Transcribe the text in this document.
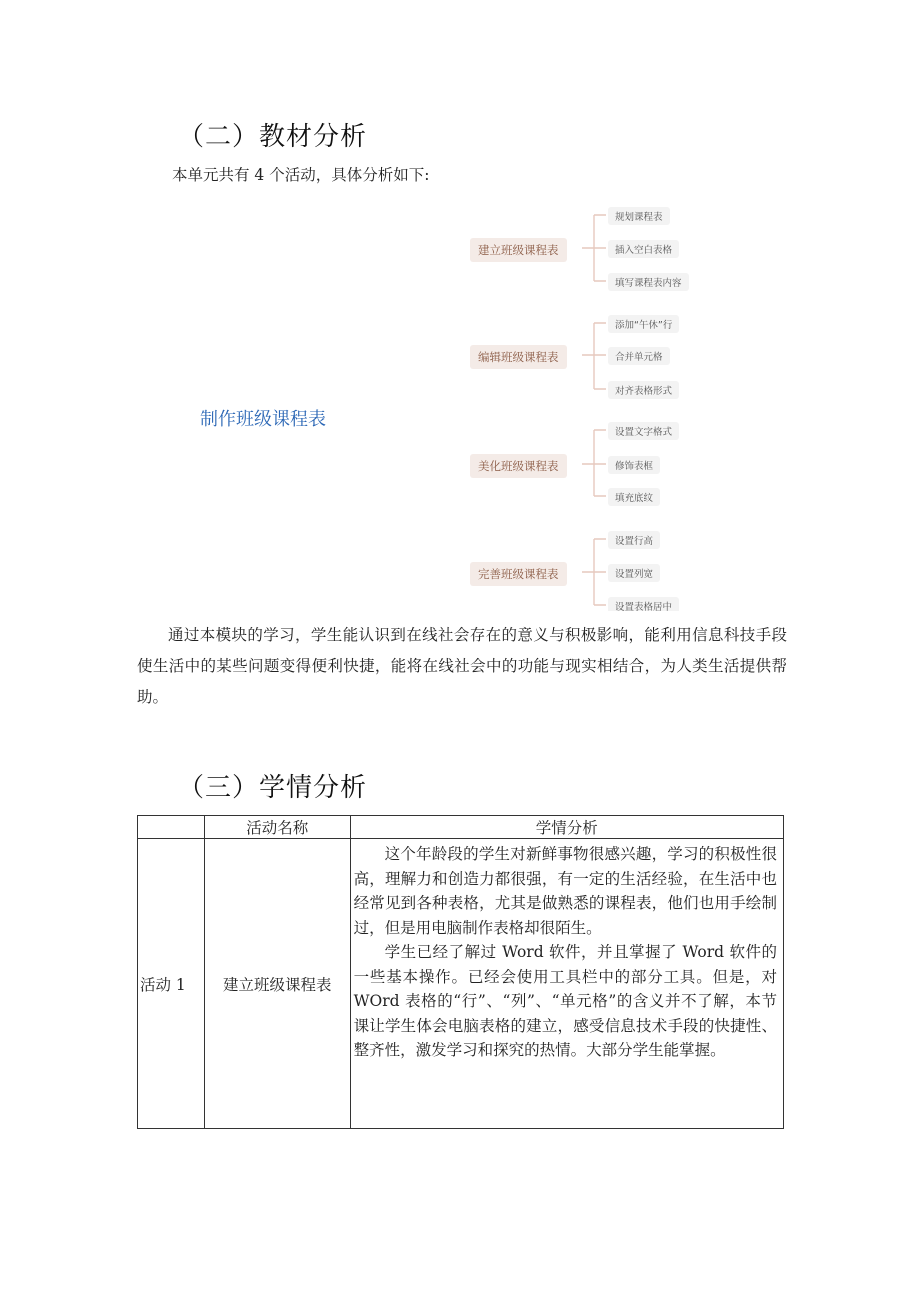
（二）教材分析
本单元共有 4 个活动，具体分析如下:
制作班级课程表
建立班级课程表
规划课程表
插入空白表格
填写课程表内容
编辑班级课程表
添加“午休”行
合并单元格
对齐表格形式
美化班级课程表
设置文字格式
修饰表框
填充底纹
完善班级课程表
设置行高
设置列宽
设置表格居中
通过本模块的学习，学生能认识到在线社会存在的意义与积极影响，能利用信息科技手段使生活中的某些问题变得便利快捷，能将在线社会中的功能与现实相结合，为人类生活提供帮助。
（三）学情分析
	活动名称	学情分析
活动 1	建立班级课程表	这个年龄段的学生对新鲜事物很感兴趣，学习的积极性很高，理解力和创造力都很强，有一定的生活经验，在生活中也经常见到各种表格，尤其是做熟悉的课程表，他们也用手绘制过，但是用电脑制作表格却很陌生。

学生已经了解过 Word 软件，并且掌握了 Word 软件的一些基本操作。已经会使用工具栏中的部分工具。但是，对 WOrd 表格的“行”、“列”、“单元格”的含义并不了解，本节课让学生体会电脑表格的建立，感受信息技术手段的快捷性、整齐性，激发学习和探究的热情。大部分学生能掌握。
